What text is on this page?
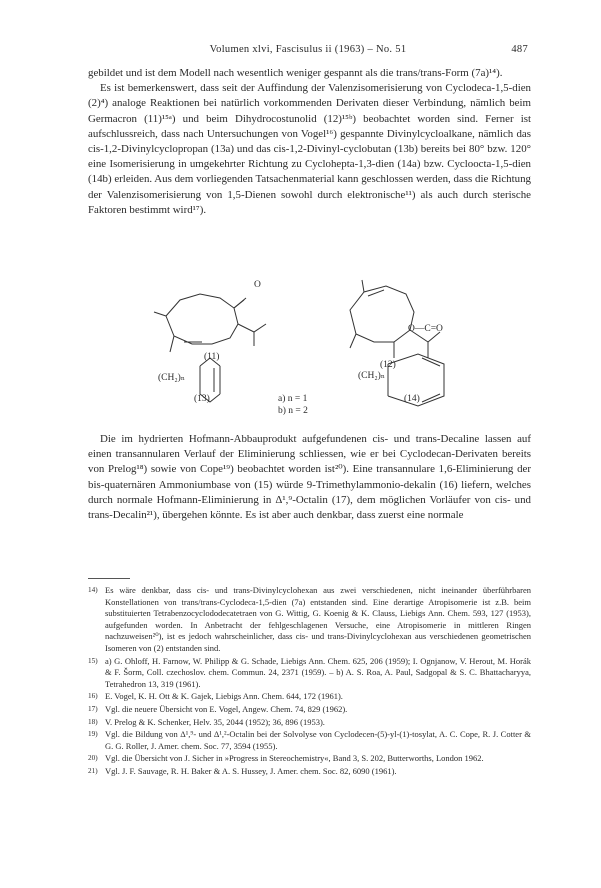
Volumen xlvi, Fascisulus ii (1963) – No. 51	487

gebildet und ist dem Modell nach wesentlich weniger gespannt als die trans/trans-Form (7a)¹⁴).

Es ist bemerkenswert, dass seit der Auffindung der Valenzisomerisierung von Cyclodeca-1,5-dien (2)⁴) analoge Reaktionen bei natürlich vorkommenden Derivaten dieser Verbindung, nämlich beim Germacron (11)¹⁵ᵃ) und beim Dihydrocostunolid (12)¹⁵ᵇ) beobachtet worden sind. Ferner ist aufschlussreich, dass nach Untersuchungen von Vogel¹⁶) gespannte Divinylcycloalkane, nämlich das cis-1,2-Divinylcyclopropan (13a) und das cis-1,2-Divinyl-cyclobutan (13b) bereits bei 80° bzw. 120° eine Isomerisierung in umgekehrter Richtung zu Cyclohepta-1,3-dien (14a) bzw. Cycloocta-1,5-dien (14b) erleiden. Aus dem vorliegenden Tatsachenmaterial kann geschlossen werden, dass die Richtung der Valenzisomerisierung von 1,5-Dienen sowohl durch elektronische¹¹) als auch durch sterische Faktoren bestimmt wird¹⁷).

O
(11)
O—C=O
(12)
(CH₂)ₙ	(CH₂)ₙ
(13)	a) n = 1
b) n = 2
(14)

Die im hydrierten Hofmann-Abbauprodukt aufgefundenen cis- und trans-Decaline lassen auf einen transannularen Verlauf der Eliminierung schliessen, wie er bei Cyclodecan-Derivaten bereits von Prelog¹⁸) sowie von Cope¹⁹) beobachtet worden ist²⁰). Eine transannulare 1,6-Eliminierung der bis-quaternären Ammoniumbase von (15) würde 9-Trimethylammonio-dekalin (16) liefern, welches durch normale Hofmann-Eliminierung in Δ¹,⁹-Octalin (17), dem möglichen Vorläufer von cis- und trans-Decalin²¹), übergehen könnte. Es ist aber auch denkbar, dass zuerst eine normale

14) Es wäre denkbar, dass cis- und trans-Divinylcyclohexan aus zwei verschiedenen, nicht ineinander überführbaren Konstellationen von trans/trans-Cyclodeca-1,5-dien (7a) entstanden sind. Eine derartige Atropisomerie ist z.B. beim substituierten Tetrabenzocyclododecatetraen von G. Wittig, G. Koenig & K. Clauss, Liebigs Ann. Chem. 593, 127 (1953), aufgefunden worden. In Anbetracht der fehlgeschlagenen Versuche, eine Atropisomerie in mittleren Ringen nachzuweisen²⁰), ist es jedoch wahrscheinlicher, dass cis- und trans-Divinylcyclohexan aus verschiedenen geometrischen Isomeren von (2) entstanden sind.
15) a) G. Ohloff, H. Farnow, W. Philipp & G. Schade, Liebigs Ann. Chem. 625, 206 (1959); I. Ognjanow, V. Herout, M. Horák & F. Šorm, Coll. czechoslov. chem. Commun. 24, 2371 (1959). – b) A. S. Roa, A. Paul, Sadgopal & S. C. Bhattacharyya, Tetrahedron 13, 319 (1961).
16) E. Vogel, K. H. Ott & K. Gajek, Liebigs Ann. Chem. 644, 172 (1961).
17) Vgl. die neuere Übersicht von E. Vogel, Angew. Chem. 74, 829 (1962).
18) V. Prelog & K. Schenker, Helv. 35, 2044 (1952); 36, 896 (1953).
19) Vgl. die Bildung von Δ¹,⁹- und Δ¹,²-Octalin bei der Solvolyse von Cyclodecen-(5)-yl-(1)-tosylat, A. C. Cope, R. J. Cotter & G. G. Roller, J. Amer. chem. Soc. 77, 3594 (1955).
20) Vgl. die Übersicht von J. Sicher in »Progress in Stereochemistry«, Band 3, S. 202, Butterworths, London 1962.
21) Vgl. J. F. Sauvage, R. H. Baker & A. S. Hussey, J. Amer. chem. Soc. 82, 6090 (1961).
